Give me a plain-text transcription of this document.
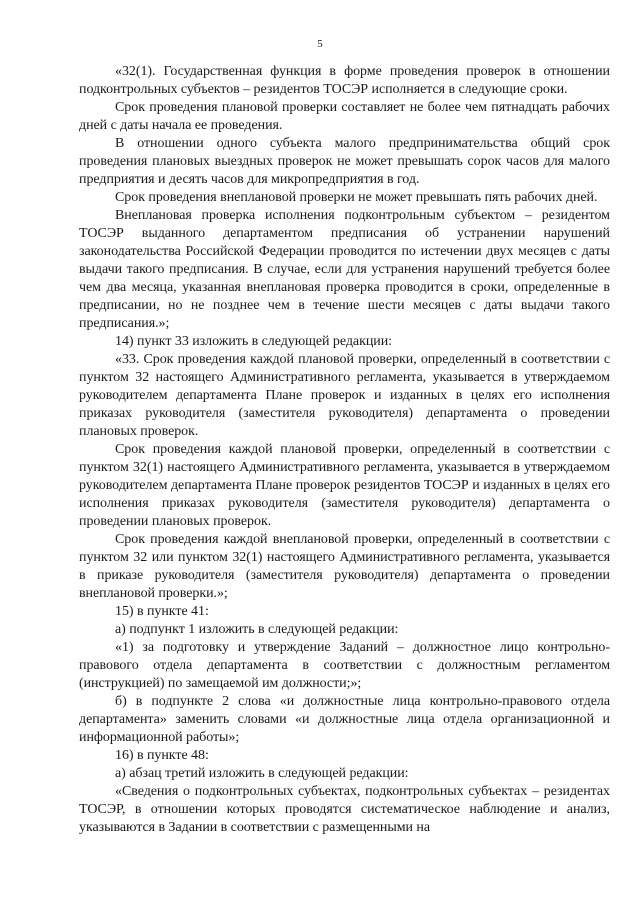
5

«32(1). Государственная функция в форме проведения проверок в отношении подконтрольных субъектов – резидентов ТОСЭР исполняется в следующие сроки.

Срок проведения плановой проверки составляет не более чем пятнадцать рабочих дней с даты начала ее проведения.

В отношении одного субъекта малого предпринимательства общий срок проведения плановых выездных проверок не может превышать сорок часов для малого предприятия и десять часов для микропредприятия в год.

Срок проведения внеплановой проверки не может превышать пять рабочих дней.

Внеплановая проверка исполнения подконтрольным субъектом – резидентом ТОСЭР выданного департаментом предписания об устранении нарушений законодательства Российской Федерации проводится по истечении двух месяцев с даты выдачи такого предписания. В случае, если для устранения нарушений требуется более чем два месяца, указанная внеплановая проверка проводится в сроки, определенные в предписании, но не позднее чем в течение шести месяцев с даты выдачи такого предписания.»;

14) пункт 33 изложить в следующей редакции:

«33. Срок проведения каждой плановой проверки, определенный в соответствии с пунктом 32 настоящего Административного регламента, указывается в утверждаемом руководителем департамента Плане проверок и изданных в целях его исполнения приказах руководителя (заместителя руководителя) департамента о проведении плановых проверок.

Срок проведения каждой плановой проверки, определенный в соответствии с пунктом 32(1) настоящего Административного регламента, указывается в утверждаемом руководителем департамента Плане проверок резидентов ТОСЭР и изданных в целях его исполнения приказах руководителя (заместителя руководителя) департамента о проведении плановых проверок.

Срок проведения каждой внеплановой проверки, определенный в соответствии с пунктом 32 или пунктом 32(1) настоящего Административного регламента, указывается в приказе руководителя (заместителя руководителя) департамента о проведении внеплановой проверки.»;

15) в пункте 41:

а) подпункт 1 изложить в следующей редакции:

«1) за подготовку и утверждение Заданий – должностное лицо контрольно-правового отдела департамента в соответствии с должностным регламентом (инструкцией) по замещаемой им должности;»;

б) в подпункте 2 слова «и должностные лица контрольно-правового отдела департамента» заменить словами «и должностные лица отдела организационной и информационной работы»;

16) в пункте 48:

а) абзац третий изложить в следующей редакции:

«Сведения о подконтрольных субъектах, подконтрольных субъектах – резидентах ТОСЭР, в отношении которых проводятся систематическое наблюдение и анализ, указываются в Задании в соответствии с размещенными на
